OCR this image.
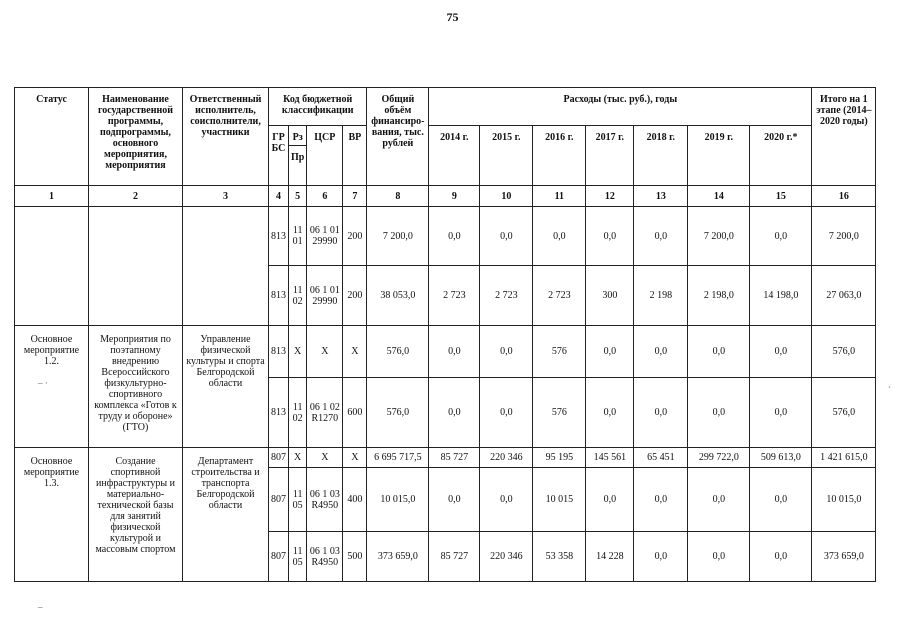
75
Статус	Наименование государственной программы, подпрограммы, основного мероприятия, мероприятия	Ответственный исполнитель, соисполнители, участники	Код бюджетной классификации				Общий объём финансиро-вания, тыс. рублей	Расходы (тыс. руб.), годы							Итого на 1 этапе (2014–2020 годы)
			ГР БС	Рз	ЦСР	ВР		2014 г.	2015 г.	2016 г.	2017 г.	2018 г.	2019 г.	2020 г.*	
				Пр											
1	2	3	4	5	6	7	8	9	10	11	12	13	14	15	16
			813	11 01	06 1 01 29990	200	7 200,0	0,0	0,0	0,0	0,0	0,0	7 200,0	0,0	7 200,0
			813	11 02	06 1 01 29990	200	38 053,0	2 723	2 723	2 723	300	2 198	2 198,0	14 198,0	27 063,0
Основное мероприятие 1.2.	Мероприятия по поэтапному внедрению Всероссийского физкультурно-спортивного комплекса «Готов к труду и обороне» (ГТО)	Управление физической культуры и спорта Белгородской области	813	Х	Х	Х	576,0	0,0	0,0	576	0,0	0,0	0,0	0,0	576,0
			813	11 02	06 1 02 R1270	600	576,0	0,0	0,0	576	0,0	0,0	0,0	0,0	576,0
Основное мероприятие 1.3.	Создание спортивной инфраструктуры и материально-технической базы для занятий физической культурой и массовым спортом	Департамент строительства и транспорта Белгородской области	807	Х	Х	Х	6 695 717,5	85 727	220 346	95 195	145 561	65 451	299 722,0	509 613,0	1 421 615,0
			807	11 05	06 1 03 R4950	400	10 015,0	0,0	0,0	10 015	0,0	0,0	0,0	0,0	10 015,0
			807	11 05	06 1 03 R4950	500	373 659,0	85 727	220 346	53 358	14 228	0,0	0,0	0,0	373 659,0
– ·
–
ˎ
